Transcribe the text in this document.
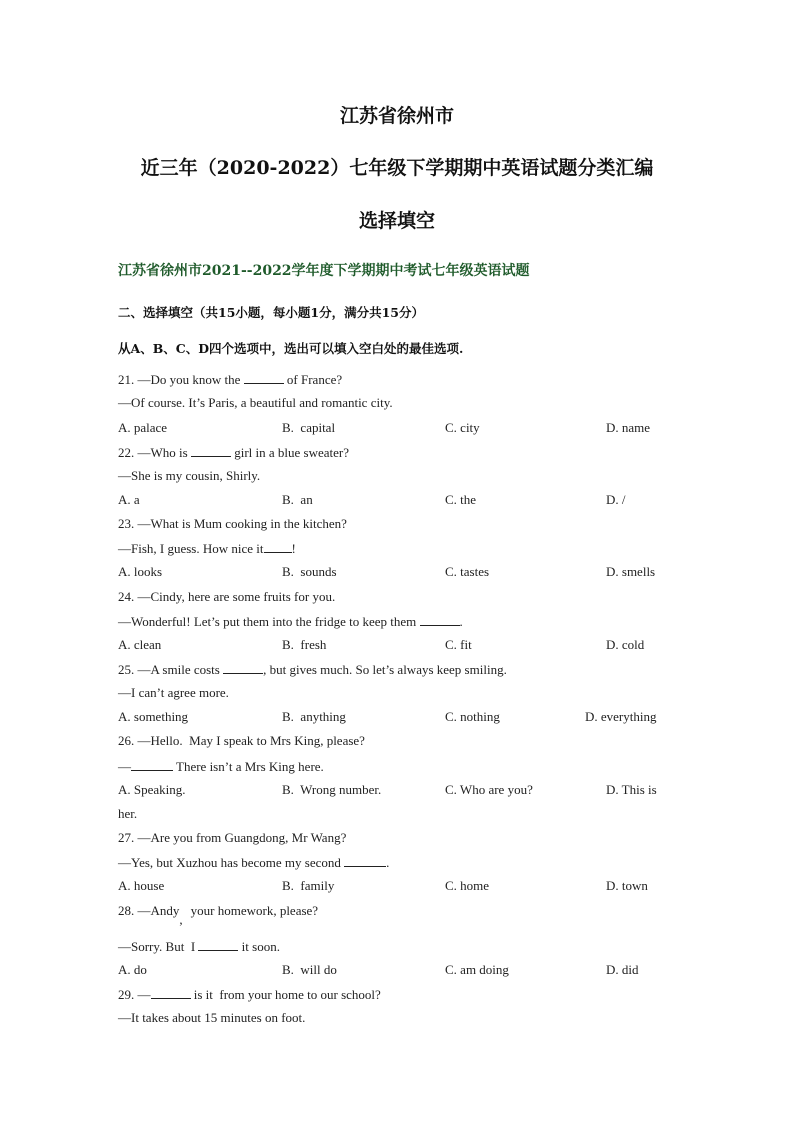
江苏省徐州市
近三年（2020-2022）七年级下学期期中英语试题分类汇编
选择填空
江苏省徐州市2021--2022学年度下学期期中考试七年级英语试题
二、选择填空（共15小题，每小题1分，满分共15分）
从A、B、C、D四个选项中，选出可以填入空白处的最佳选项.
21. —Do you know the	of France?
—Of course. It’s Paris, a beautiful and romantic city.
A. palace	B.  capital	C. city	D. name
22. —Who is	girl in a blue sweater?
—She is my cousin, Shirly.
A. a	B.  an	C. the	D. /
23. —What is Mum cooking in the kitchen?
—Fish, I guess. How nice it !
A. looks	B.  sounds	C. tastes	D. smells
24. —Cindy, here are some fruits for you.
—Wonderful! Let’s put them into the fridge to keep them	.
A. clean	B.  fresh	C. fit	D. cold
25. —A smile costs	, but gives much. So let’s always keep smiling.
—I can’t agree more.
A. something	B.  anything	C. nothing	D. everything
26. —Hello.  May I speak to Mrs King, please?
—	There isn’t a Mrs King here.
A. Speaking.	B.  Wrong number.	C. Who are you?	D. This is
her.
27. —Are you from Guangdong, Mr Wang?
—Yes, but Xuzhou has become my second	.
A. house	B.  family	C. home	D. town
28. —Andy, your homework, please?
—Sorry. But  I	it soon.
A. do	B.  will do	C. am doing	D. did
29. —	is it  from your home to our school?
—It takes about 15 minutes on foot.
